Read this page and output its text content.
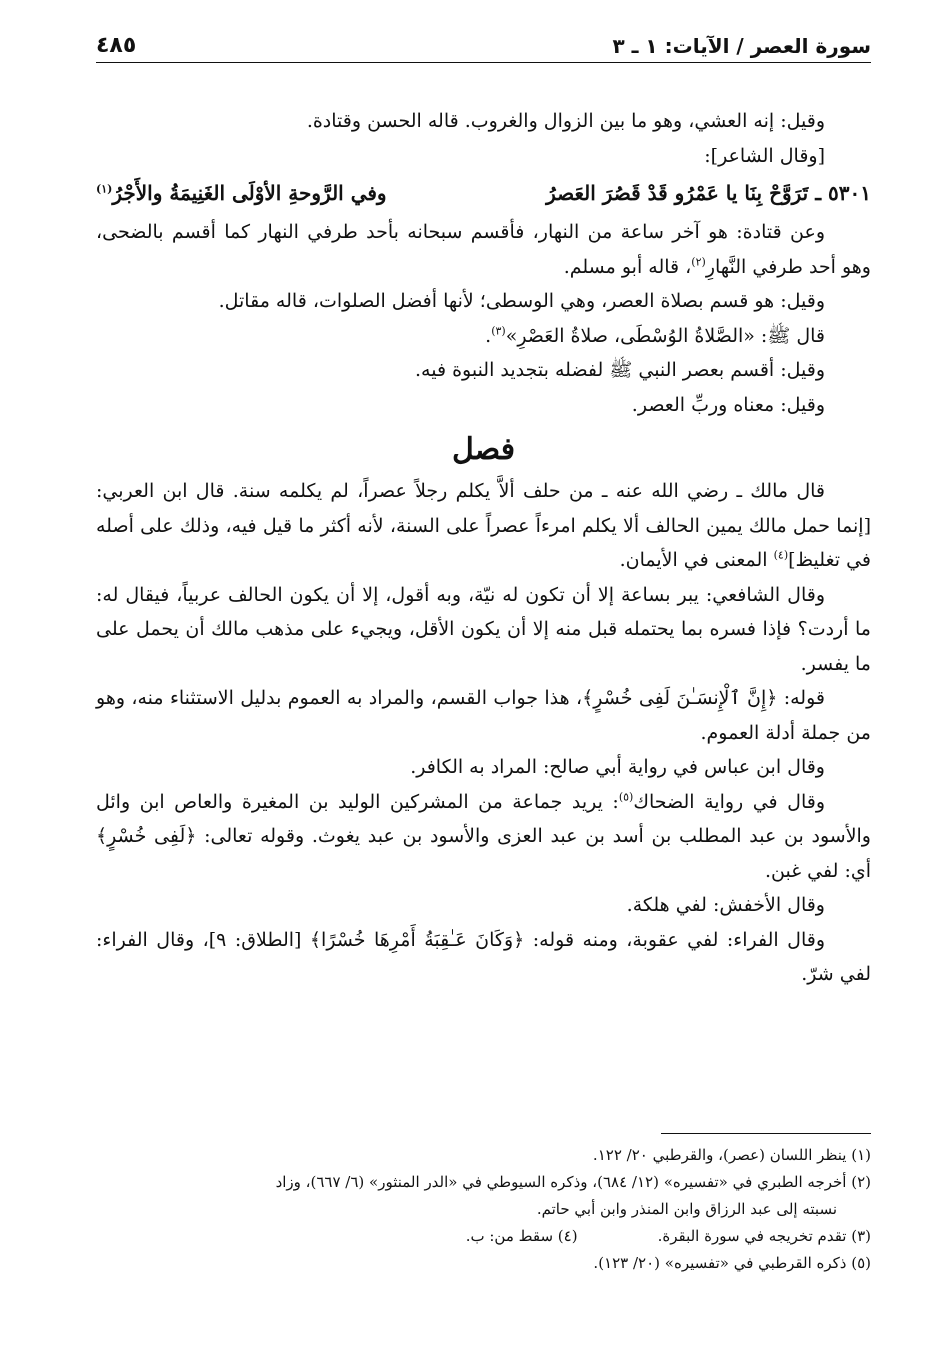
سورة العصر / الآيات: ١ ـ ٣
٤٨٥

وقيل: إنه العشي، وهو ما بين الزوال والغروب. قاله الحسن وقتادة.

[وقال الشاعر]:

٥٣٠١ ـ تَرَوَّحْ بِنَا يا عَمْرُو قَدْ قَصُرَ العَصرُ
وفي الرَّوحةِ الأوْلَى الغَنِيمَةُ والأَجْرُ$^{(١)}$

وعن قتادة: هو آخر ساعة من النهار، فأقسم سبحانه بأحد طرفي النهار كما أقسم بالضحى، وهو أحد طرفي النَّهارِ$^{(٢)}$، قاله أبو مسلم.

وقيل: هو قسم بصلاة العصر، وهي الوسطى؛ لأنها أفضل الصلوات، قاله مقاتل.

قال ﷺ: «الصَّلاةُ الوُسْطَى، صلاةُ العَصْرِ»$^{(٣)}$.

وقيل: أقسم بعصر النبي ﷺ لفضله بتجديد النبوة فيه.

وقيل: معناه وربِّ العصر.

فصل

قال مالك ـ رضي الله عنه ـ من حلف ألاَّ يكلم رجلاً عصراً، لم يكلمه سنة. قال ابن العربي: [إنما حمل مالك يمين الحالف ألا يكلم امرءاً عصراً على السنة، لأنه أكثر ما قيل فيه، وذلك على أصله في تغليظ]$^{(٤)}$ المعنى في الأيمان.

وقال الشافعي: يبر بساعة إلا أن تكون له نيّة، وبه أقول، إلا أن يكون الحالف عربياً، فيقال له: ما أردت؟ فإذا فسره بما يحتمله قبل منه إلا أن يكون الأقل، ويجيء على مذهب مالك أن يحمل على ما يفسر.

قوله: ﴿إِنَّ ٱلْإِنسَـٰنَ لَفِى خُسْرٍ﴾، هذا جواب القسم، والمراد به العموم بدليل الاستثناء منه، وهو من جملة أدلة العموم.

وقال ابن عباس في رواية أبي صالح: المراد به الكافر.

وقال في رواية الضحاك$^{(٥)}$: يريد جماعة من المشركين الوليد بن المغيرة والعاص ابن وائل والأسود بن عبد المطلب بن أسد بن عبد العزى والأسود بن عبد يغوث. وقوله تعالى: ﴿لَفِى خُسْرٍ﴾ أي: لفي غبن.

وقال الأخفش: لفي هلكة.

وقال الفراء: لفي عقوبة، ومنه قوله: ﴿وَكَانَ عَـٰقِبَةُ أَمْرِهَا خُسْرًا﴾ [الطلاق: ٩]، وقال الفراء: لفي شرّ.

(١) ينظر اللسان (عصر)، والقرطبي ٢٠/ ١٢٢.

(٢) أخرجه الطبري في «تفسيره» (١٢/ ٦٨٤)، وذكره السيوطي في «الدر المنثور» (٦/ ٦٦٧)، وزاد

نسبته إلى عبد الرزاق وابن المنذر وابن أبي حاتم.

(٣) تقدم تخريجه في سورة البقرة.
(٤) سقط من: ب.

(٥) ذكره القرطبي في «تفسيره» (٢٠/ ١٢٣).
